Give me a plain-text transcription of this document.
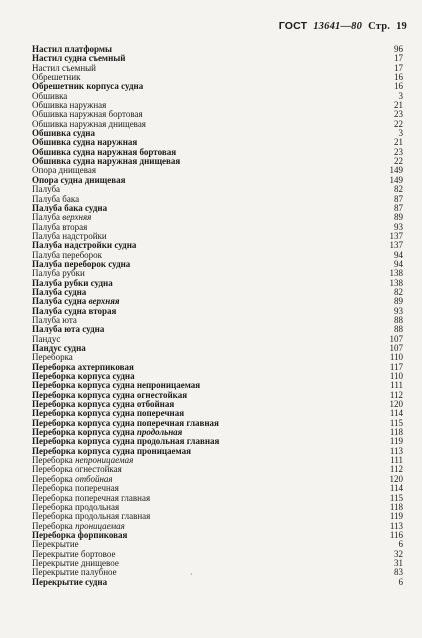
ГОСТ 13641—80 Стр. 19
Настил платформы	96
Настил судна съемный	17
Настил съемный	17
Обрешетник	16
Обрешетник корпуса судна	16
Обшивка	3
Обшивка наружная	21
Обшивка наружная бортовая	23
Обшивка наружная днищевая	22
Обшивка судна	3
Обшивка судна наружная	21
Обшивка судна наружная бортовая	23
Обшивка судна наружная днищевая	22
Опора днищевая	149
Опора судна днищевая	149
Палуба	82
Палуба бака	87
Палуба бака судна	87
Палуба верхняя	89
Палуба вторая	93
Палуба надстройки	137
Палуба надстройки судна	137
Палуба переборок	94
Палуба переборок судна	94
Палуба рубки	138
Палуба рубки судна	138
Палуба судна	82
Палуба судна верхняя	89
Палуба судна вторая	93
Палуба юта	88
Палуба юта судна	88
Пандус	107
Пандус судна	107
Переборка	110
Переборка ахтерпиковая	117
Переборка корпуса судна	110
Переборка корпуса судна непроницаемая	111
Переборка корпуса судна огнестойкая	112
Переборка корпуса судна отбойная	120
Переборка корпуса судна поперечная	114
Переборка корпуса судна поперечная главная	115
Переборка корпуса судна продольная	118
Переборка корпуса судна продольная главная	119
Переборка корпуса судна проницаемая	113
Переборка непроницаемая	111
Переборка огнестойкая	112
Переборка отбойная	120
Переборка поперечная	114
Переборка поперечная главная	115
Переборка продольная	118
Переборка продольная главная	119
Переборка проницаемая	113
Переборка форпиковая	116
Перекрытие	6
Перекрытие бортовое	32
Перекрытие днищевое	31
Перекрытие палубное	83
Перекрытие судна	6
·
